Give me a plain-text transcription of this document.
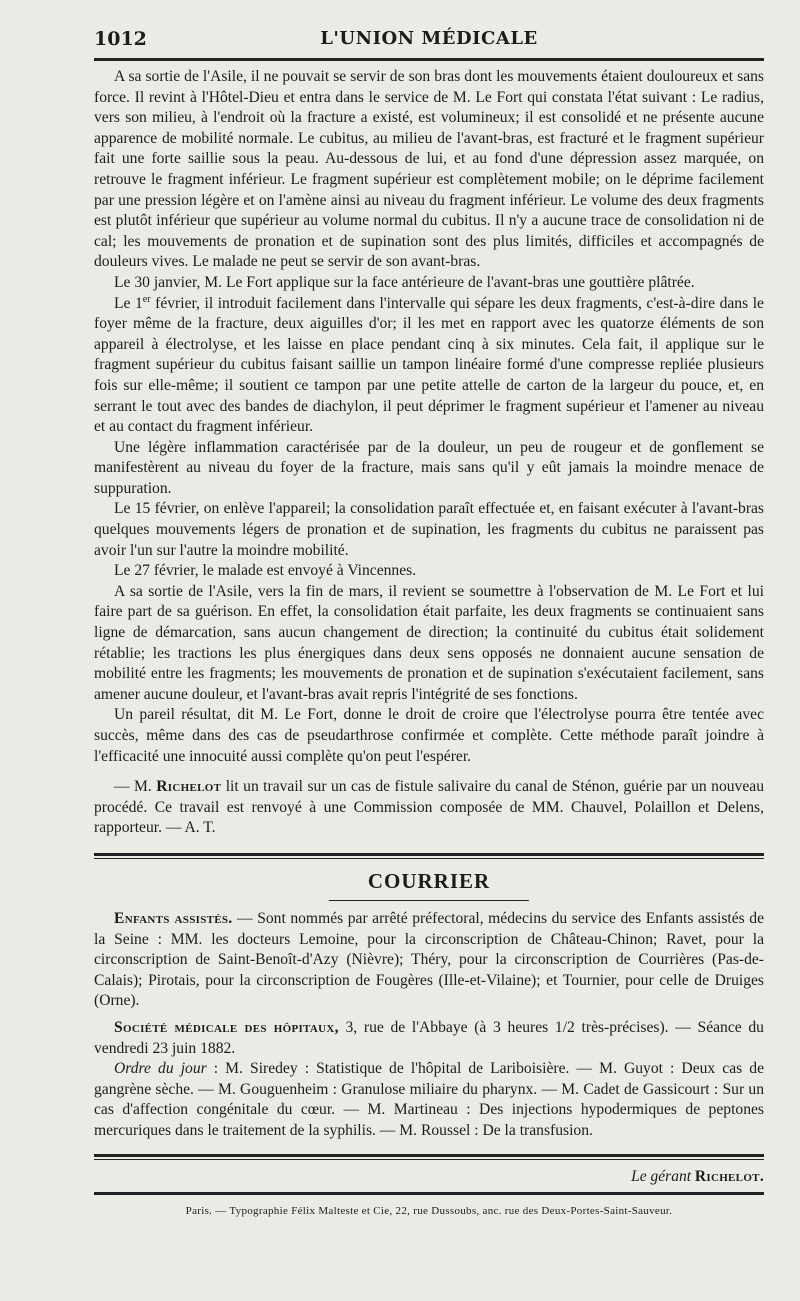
1012	L'UNION MÉDICALE

A sa sortie de l'Asile, il ne pouvait se servir de son bras dont les mouvements étaient douloureux et sans force. Il revint à l'Hôtel-Dieu et entra dans le service de M. Le Fort qui constata l'état suivant : Le radius, vers son milieu, à l'endroit où la fracture a existé, est volumineux; il est consolidé et ne présente aucune apparence de mobilité normale. Le cubitus, au milieu de l'avant-bras, est fracturé et le fragment supérieur fait une forte saillie sous la peau. Au-dessous de lui, et au fond d'une dépression assez marquée, on retrouve le fragment inférieur. Le fragment supérieur est complètement mobile; on le déprime facilement par une pression légère et on l'amène ainsi au niveau du fragment inférieur. Le volume des deux fragments est plutôt inférieur que supérieur au volume normal du cubitus. Il n'y a aucune trace de consolidation ni de cal; les mouvements de pronation et de supination sont des plus limités, difficiles et accompagnés de douleurs vives. Le malade ne peut se servir de son avant-bras.

Le 30 janvier, M. Le Fort applique sur la face antérieure de l'avant-bras une gouttière plâtrée.

Le 1er février, il introduit facilement dans l'intervalle qui sépare les deux fragments, c'est-à-dire dans le foyer même de la fracture, deux aiguilles d'or; il les met en rapport avec les quatorze éléments de son appareil à électrolyse, et les laisse en place pendant cinq à six minutes. Cela fait, il applique sur le fragment supérieur du cubitus faisant saillie un tampon linéaire formé d'une compresse repliée plusieurs fois sur elle-même; il soutient ce tampon par une petite attelle de carton de la largeur du pouce, et, en serrant le tout avec des bandes de diachylon, il peut déprimer le fragment supérieur et l'amener au niveau et au contact du fragment inférieur.

Une légère inflammation caractérisée par de la douleur, un peu de rougeur et de gonflement se manifestèrent au niveau du foyer de la fracture, mais sans qu'il y eût jamais la moindre menace de suppuration.

Le 15 février, on enlève l'appareil; la consolidation paraît effectuée et, en faisant exécuter à l'avant-bras quelques mouvements légers de pronation et de supination, les fragments du cubitus ne paraissent pas avoir l'un sur l'autre la moindre mobilité.

Le 27 février, le malade est envoyé à Vincennes.

A sa sortie de l'Asile, vers la fin de mars, il revient se soumettre à l'observation de M. Le Fort et lui faire part de sa guérison. En effet, la consolidation était parfaite, les deux fragments se continuaient sans ligne de démarcation, sans aucun changement de direction; la continuité du cubitus était solidement rétablie; les tractions les plus énergiques dans deux sens opposés ne donnaient aucune sensation de mobilité entre les fragments; les mouvements de pronation et de supination s'exécutaient facilement, sans amener aucune douleur, et l'avant-bras avait repris l'intégrité de ses fonctions.

Un pareil résultat, dit M. Le Fort, donne le droit de croire que l'électrolyse pourra être tentée avec succès, même dans des cas de pseudarthrose confirmée et complète. Cette méthode paraît joindre à l'efficacité une innocuité aussi complète qu'on peut l'espérer.

— M. Richelot lit un travail sur un cas de fistule salivaire du canal de Sténon, guérie par un nouveau procédé. Ce travail est renvoyé à une Commission composée de MM. Chauvel, Polaillon et Delens, rapporteur. — A. T.

COURRIER

Enfants assistés. — Sont nommés par arrêté préfectoral, médecins du service des Enfants assistés de la Seine : MM. les docteurs Lemoine, pour la circonscription de Château-Chinon; Ravet, pour la circonscription de Saint-Benoît-d'Azy (Nièvre); Théry, pour la circonscription de Courrières (Pas-de-Calais); Pirotais, pour la circonscription de Fougères (Ille-et-Vilaine); et Tournier, pour celle de Druiges (Orne).

Société médicale des hôpitaux, 3, rue de l'Abbaye (à 3 heures 1/2 très-précises). — Séance du vendredi 23 juin 1882.

Ordre du jour : M. Siredey : Statistique de l'hôpital de Lariboisière. — M. Guyot : Deux cas de gangrène sèche. — M. Gouguenheim : Granulose miliaire du pharynx. — M. Cadet de Gassicourt : Sur un cas d'affection congénitale du cœur. — M. Martineau : Des injections hypodermiques de peptones mercuriques dans le traitement de la syphilis. — M. Roussel : De la transfusion.

Le gérant Richelot.
Paris. — Typographie Félix Malteste et Cie, 22, rue Dussoubs, anc. rue des Deux-Portes-Saint-Sauveur.
